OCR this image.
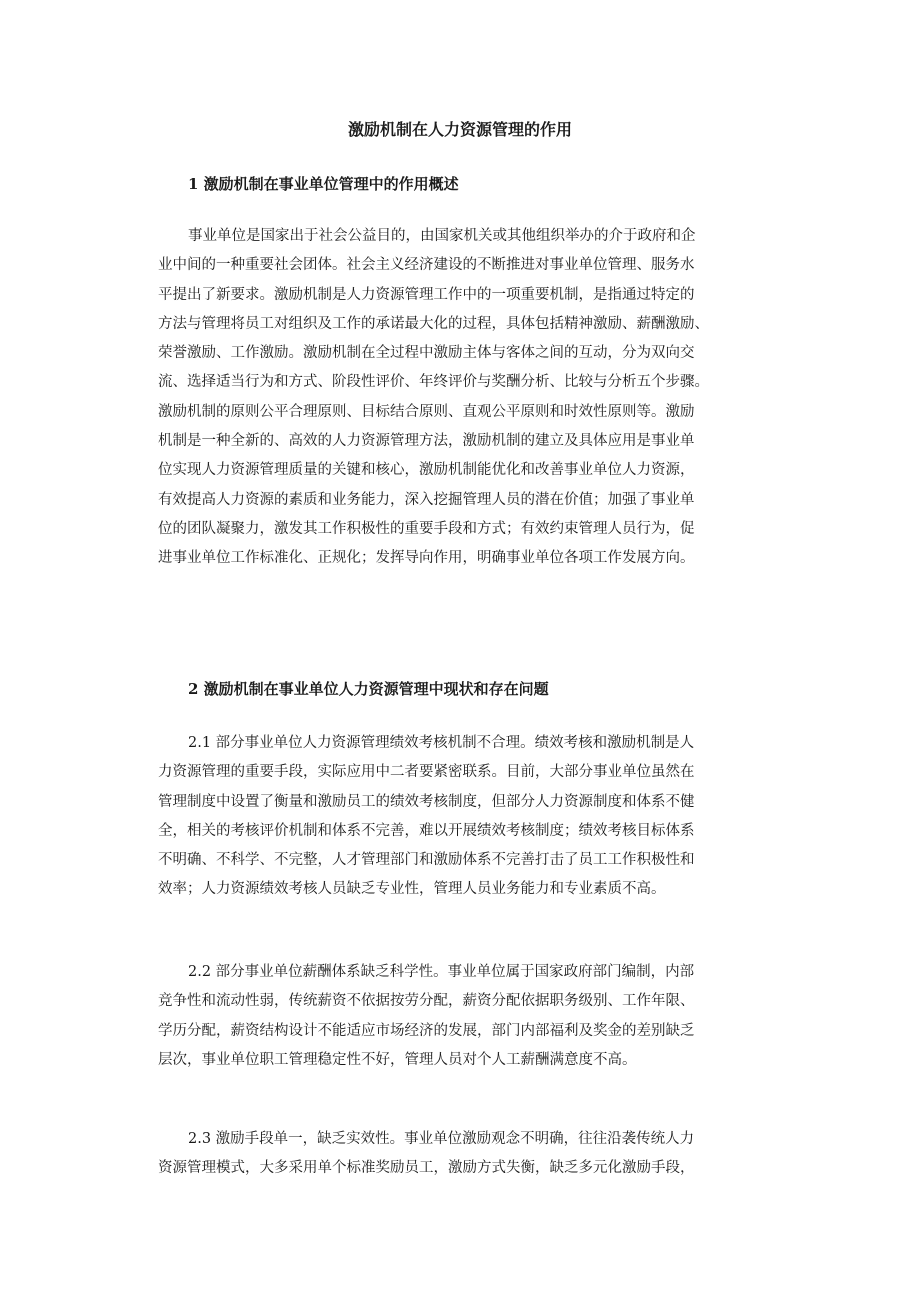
激励机制在人力资源管理的作用
1 激励机制在事业单位管理中的作用概述
事业单位是国家出于社会公益目的，由国家机关或其他组织举办的介于政府和企
业中间的一种重要社会团体。社会主义经济建设的不断推进对事业单位管理、服务水
平提出了新要求。激励机制是人力资源管理工作中的一项重要机制，是指通过特定的
方法与管理将员工对组织及工作的承诺最大化的过程，具体包括精神激励、薪酬激励、
荣誉激励、工作激励。激励机制在全过程中激励主体与客体之间的互动，分为双向交
流、选择适当行为和方式、阶段性评价、年终评价与奖酬分析、比较与分析五个步骤。
激励机制的原则公平合理原则、目标结合原则、直观公平原则和时效性原则等。激励
机制是一种全新的、高效的人力资源管理方法，激励机制的建立及具体应用是事业单
位实现人力资源管理质量的关键和核心，激励机制能优化和改善事业单位人力资源，
有效提高人力资源的素质和业务能力，深入挖掘管理人员的潜在价值；加强了事业单
位的团队凝聚力，激发其工作积极性的重要手段和方式；有效约束管理人员行为，促
进事业单位工作标准化、正规化；发挥导向作用，明确事业单位各项工作发展方向。
2 激励机制在事业单位人力资源管理中现状和存在问题
2.1 部分事业单位人力资源管理绩效考核机制不合理。绩效考核和激励机制是人
力资源管理的重要手段，实际应用中二者要紧密联系。目前，大部分事业单位虽然在
管理制度中设置了衡量和激励员工的绩效考核制度，但部分人力资源制度和体系不健
全，相关的考核评价机制和体系不完善，难以开展绩效考核制度；绩效考核目标体系
不明确、不科学、不完整，人才管理部门和激励体系不完善打击了员工工作积极性和
效率；人力资源绩效考核人员缺乏专业性，管理人员业务能力和专业素质不高。
2.2 部分事业单位薪酬体系缺乏科学性。事业单位属于国家政府部门编制，内部
竞争性和流动性弱，传统薪资不依据按劳分配，薪资分配依据职务级别、工作年限、
学历分配，薪资结构设计不能适应市场经济的发展，部门内部福利及奖金的差别缺乏
层次，事业单位职工管理稳定性不好，管理人员对个人工薪酬满意度不高。
2.3 激励手段单一，缺乏实效性。事业单位激励观念不明确，往往沿袭传统人力
资源管理模式，大多采用单个标准奖励员工，激励方式失衡，缺乏多元化激励手段，
